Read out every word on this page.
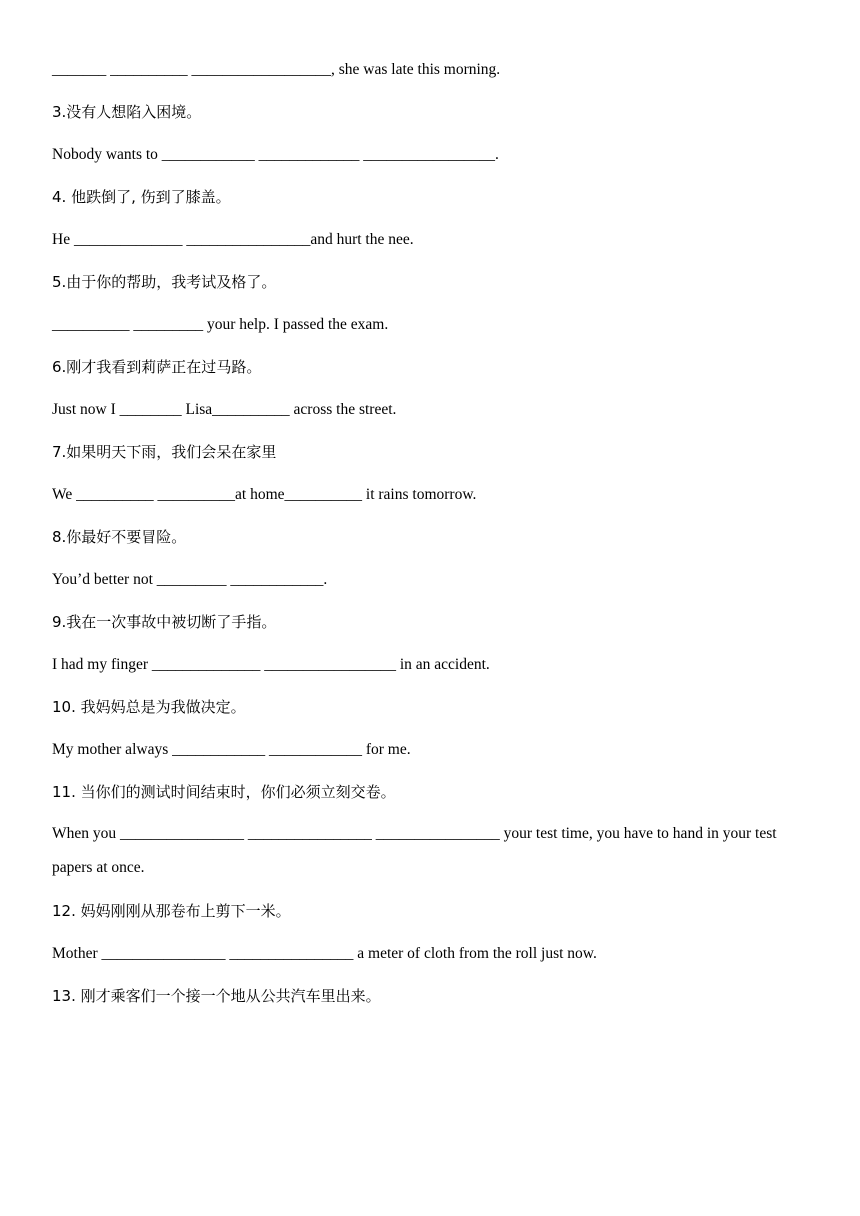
_______ __________ __________________, she was late this morning.
3.没有人想陷入困境。
Nobody wants to ____________ _____________ _________________.
4. 他跌倒了, 伤到了膝盖。
He ______________ ________________and hurt the nee.
5.由于你的帮助，我考试及格了。
__________ _________ your help. I passed the exam.
6.刚才我看到莉萨正在过马路。
Just now I ________ Lisa__________ across the street.
7.如果明天下雨，我们会呆在家里
We __________ __________at home__________ it rains tomorrow.
8.你最好不要冒险。
You’d better not _________ ____________.
9.我在一次事故中被切断了手指。
I had my finger ______________ _________________ in an accident.
10. 我妈妈总是为我做决定。
My mother always ____________ ____________ for me.
11. 当你们的测试时间结束时，你们必须立刻交卷。
When you ________________ ________________ ________________ your test time, you have to hand in your test papers at once.
12. 妈妈刚刚从那卷布上剪下一米。
Mother ________________ ________________ a meter of cloth from the roll just now.
13. 刚才乘客们一个接一个地从公共汽车里出来。
